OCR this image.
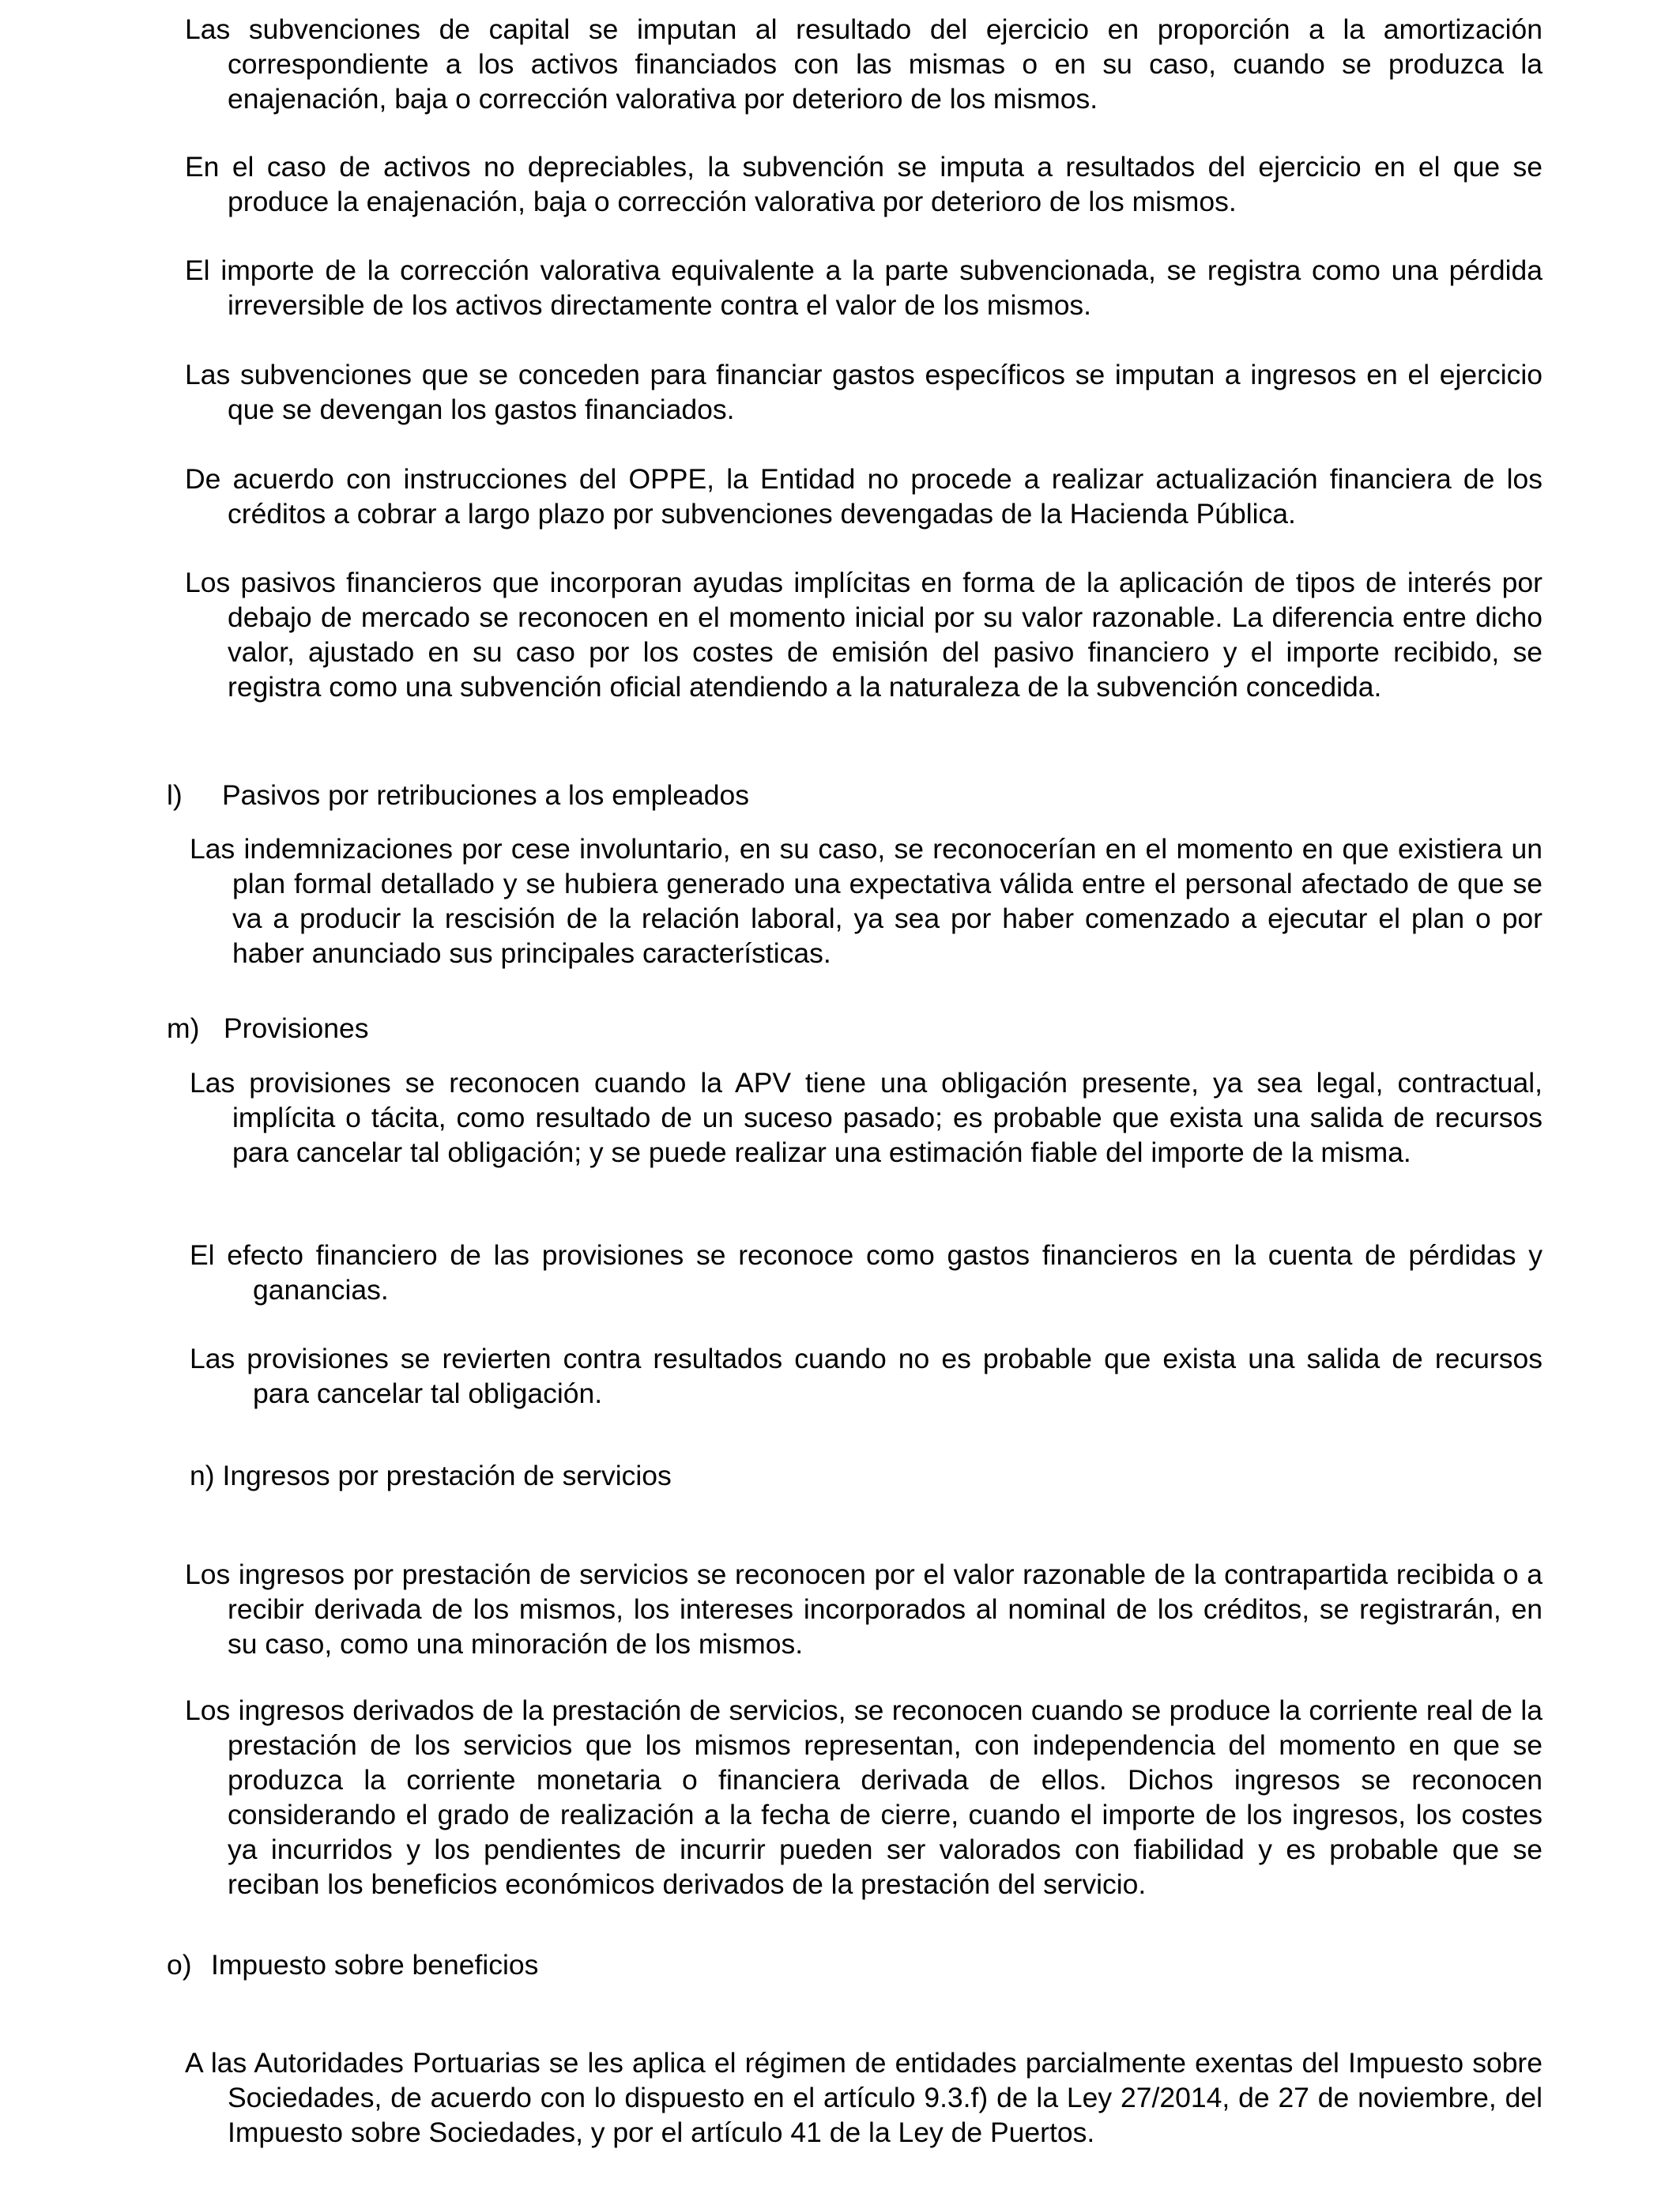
Las subvenciones de capital se imputan al resultado del ejercicio en proporción a la amortización correspondiente a los activos financiados con las mismas o en su caso, cuando se produzca la enajenación, baja o corrección valorativa por deterioro de los mismos.

En el caso de activos no depreciables, la subvención se imputa a resultados del ejercicio en el que se produce la enajenación, baja o corrección valorativa por deterioro de los mismos.

El importe de la corrección valorativa equivalente a la parte subvencionada, se registra como una pérdida irreversible de los activos directamente contra el valor de los mismos.

Las subvenciones que se conceden para financiar gastos específicos se imputan a ingresos en el ejercicio que se devengan los gastos financiados.

De acuerdo con instrucciones del OPPE, la Entidad no procede a realizar actualización financiera de los créditos a cobrar a largo plazo por subvenciones devengadas de la Hacienda Pública.

Los pasivos financieros que incorporan ayudas implícitas en forma de la aplicación de tipos de interés por debajo de mercado se reconocen en el momento inicial por su valor razonable. La diferencia entre dicho valor, ajustado en su caso por los costes de emisión del pasivo financiero y el importe recibido, se registra como una subvención oficial atendiendo a la naturaleza de la subvención concedida.

l) Pasivos por retribuciones a los empleados

Las indemnizaciones por cese involuntario, en su caso, se reconocerían en el momento en que existiera un plan formal detallado y se hubiera generado una expectativa válida entre el personal afectado de que se va a producir la rescisión de la relación laboral, ya sea por haber comenzado a ejecutar el plan o por haber anunciado sus principales características.

m) Provisiones

Las provisiones se reconocen cuando la APV tiene una obligación presente, ya sea legal, contractual, implícita o tácita, como resultado de un suceso pasado; es probable que exista una salida de recursos para cancelar tal obligación; y se puede realizar una estimación fiable del importe de la misma.

El efecto financiero de las provisiones se reconoce como gastos financieros en la cuenta de pérdidas y ganancias.

Las provisiones se revierten contra resultados cuando no es probable que exista una salida de recursos para cancelar tal obligación.

n) Ingresos por prestación de servicios

Los ingresos por prestación de servicios se reconocen por el valor razonable de la contrapartida recibida o a recibir derivada de los mismos, los intereses incorporados al nominal de los créditos, se registrarán, en su caso, como una minoración de los mismos.

Los ingresos derivados de la prestación de servicios, se reconocen cuando se produce la corriente real de la prestación de los servicios que los mismos representan, con independencia del momento en que se produzca la corriente monetaria o financiera derivada de ellos. Dichos ingresos se reconocen considerando el grado de realización a la fecha de cierre, cuando el importe de los ingresos, los costes ya incurridos y los pendientes de incurrir pueden ser valorados con fiabilidad y es probable que se reciban los beneficios económicos derivados de la prestación del servicio.

o) Impuesto sobre beneficios

A las Autoridades Portuarias se les aplica el régimen de entidades parcialmente exentas del Impuesto sobre Sociedades, de acuerdo con lo dispuesto en el artículo 9.3.f) de la Ley 27/2014, de 27 de noviembre, del Impuesto sobre Sociedades, y por el artículo 41 de la Ley de Puertos.
